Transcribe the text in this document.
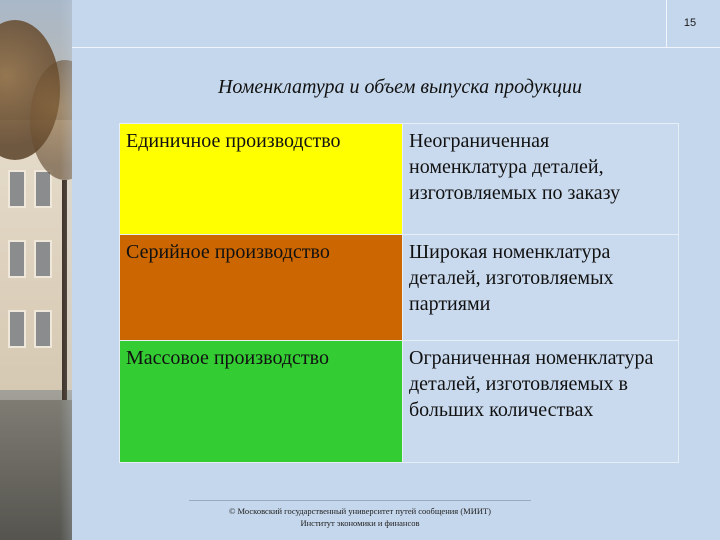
15
Номенклатура и объем выпуска продукции
Единичное производство	Неограниченная номенклатура деталей, изготовляемых по заказу
Серийное производство	Широкая номенклатура деталей, изготовляемых партиями
Массовое производство	Ограниченная номенклатура деталей, изготовляемых в больших количествах
© Московский государственный университет путей сообщения (МИИТ)
Институт экономики и финансов
